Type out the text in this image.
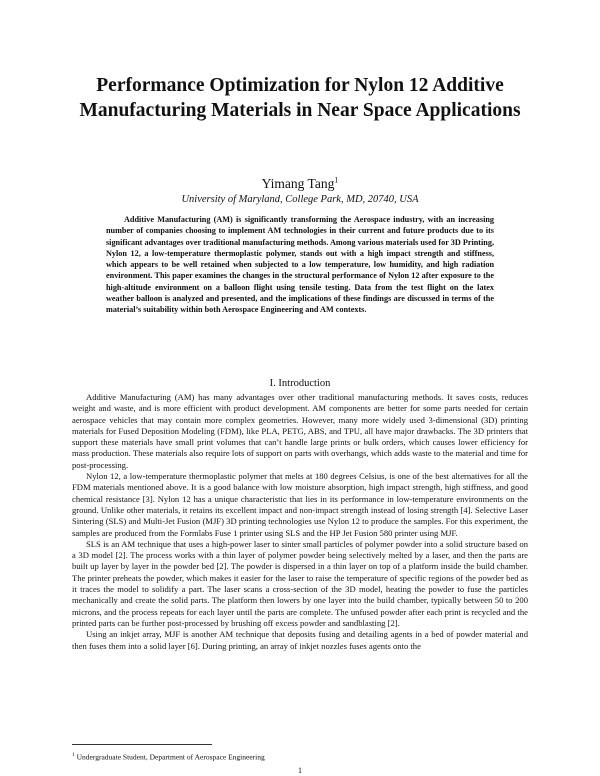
Performance Optimization for Nylon 12 Additive Manufacturing Materials in Near Space Applications
Yimang Tang$^1$
University of Maryland, College Park, MD, 20740, USA

Additive Manufacturing (AM) is significantly transforming the Aerospace industry, with an increasing number of companies choosing to implement AM technologies in their current and future products due to its significant advantages over traditional manufacturing methods. Among various materials used for 3D Printing, Nylon 12, a low-temperature thermoplastic polymer, stands out with a high impact strength and stiffness, which appears to be well retained when subjected to a low temperature, low humidity, and high radiation environment. This paper examines the changes in the structural performance of Nylon 12 after exposure to the high-altitude environment on a balloon flight using tensile testing. Data from the test flight on the latex weather balloon is analyzed and presented, and the implications of these findings are discussed in terms of the material’s suitability within both Aerospace Engineering and AM contexts.

I. Introduction

Additive Manufacturing (AM) has many advantages over other traditional manufacturing methods. It saves costs, reduces weight and waste, and is more efficient with product development. AM components are better for some parts needed for certain aerospace vehicles that may contain more complex geometries. However, many more widely used 3-dimensional (3D) printing materials for Fused Deposition Modeling (FDM), like PLA, PETG, ABS, and TPU, all have major drawbacks. The 3D printers that support these materials have small print volumes that can’t handle large prints or bulk orders, which causes lower efficiency for mass production. These materials also require lots of support on parts with overhangs, which adds waste to the material and time for post-processing.

Nylon 12, a low-temperature thermoplastic polymer that melts at 180 degrees Celsius, is one of the best alternatives for all the FDM materials mentioned above. It is a good balance with low moisture absorption, high impact strength, high stiffness, and good chemical resistance [3]. Nylon 12 has a unique characteristic that lies in its performance in low-temperature environments on the ground. Unlike other materials, it retains its excellent impact and non-impact strength instead of losing strength [4]. Selective Laser Sintering (SLS) and Multi-Jet Fusion (MJF) 3D printing technologies use Nylon 12 to produce the samples. For this experiment, the samples are produced from the Formlabs Fuse 1 printer using SLS and the HP Jet Fusion 580 printer using MJF.

SLS is an AM technique that uses a high-power laser to sinter small particles of polymer powder into a solid structure based on a 3D model [2]. The process works with a thin layer of polymer powder being selectively melted by a laser, and then the parts are built up layer by layer in the powder bed [2]. The powder is dispersed in a thin layer on top of a platform inside the build chamber. The printer preheats the powder, which makes it easier for the laser to raise the temperature of specific regions of the powder bed as it traces the model to solidify a part. The laser scans a cross-section of the 3D model, heating the powder to fuse the particles mechanically and create the solid parts. The platform then lowers by one layer into the build chamber, typically between 50 to 200 microns, and the process repeats for each layer until the parts are complete. The unfused powder after each print is recycled and the printed parts can be further post-processed by brushing off excess powder and sandblasting [2].

Using an inkjet array, MJF is another AM technique that deposits fusing and detailing agents in a bed of powder material and then fuses them into a solid layer [6]. During printing, an array of inkjet nozzles fuses agents onto the

$^1$ Undergraduate Student, Department of Aerospace Engineering
1
